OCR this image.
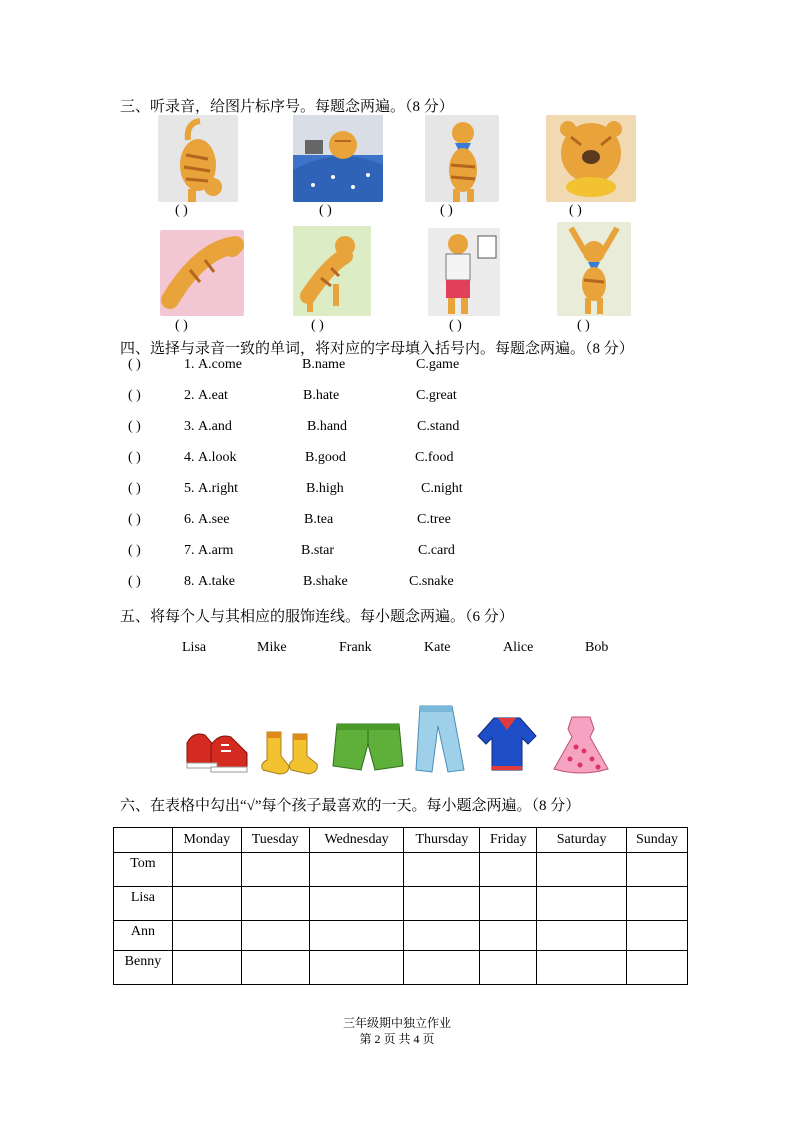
三、听录音，给图片标序号。每题念两遍。（8 分）
( )	( )	( )	( )
( )	( )	( )	( )
四、选择与录音一致的单词，将对应的字母填入括号内。每题念两遍。（8 分）
( )	1. A.come	B.name	C.game
( )	2. A.eat	B.hate	C.great
( )	3. A.and	B.hand	C.stand
( )	4. A.look	B.good	C.food
( )	5. A.right	B.high	C.night
( )	6. A.see	B.tea	C.tree
( )	7. A.arm	B.star	C.card
( )	8. A.take	B.shake	C.snake
五、将每个人与其相应的服饰连线。每小题念两遍。（6 分）
Lisa	Mike	Frank	Kate	Alice	Bob
六、在表格中勾出“√”每个孩子最喜欢的一天。每小题念两遍。（8 分）
	Monday	Tuesday	Wednesday	Thursday	Friday	Saturday	Sunday
Tom							
Lisa							
Ann							
Benny							
三年级期中独立作业
第 2 页 共 4 页
